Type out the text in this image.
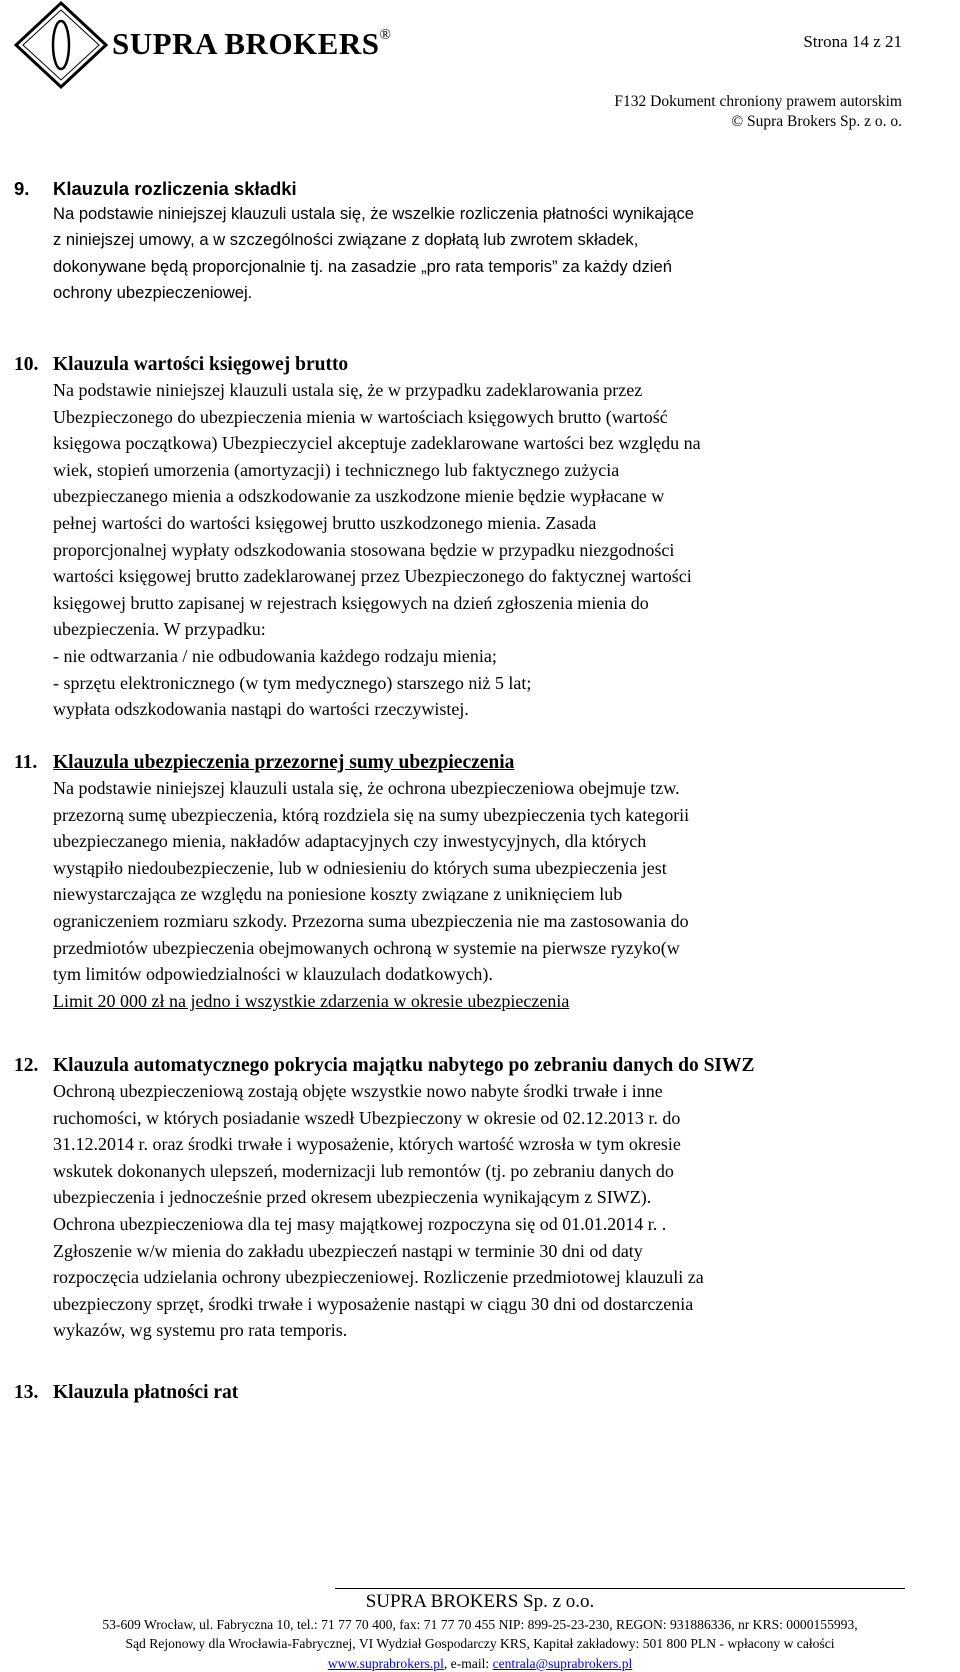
SUPRA BROKERS®	Strona 14 z 21
F132 Dokument chroniony prawem autorskim
© Supra Brokers Sp. z o. o.
9. Klauzula rozliczenia składki
Na podstawie niniejszej klauzuli ustala się, że wszelkie rozliczenia płatności wynikające
z niniejszej umowy, a w szczególności związane z dopłatą lub zwrotem składek,
dokonywane będą proporcjonalnie tj. na zasadzie „pro rata temporis” za każdy dzień
ochrony ubezpieczeniowej.
10. Klauzula wartości księgowej brutto
Na podstawie niniejszej klauzuli ustala się, że w przypadku zadeklarowania przez
Ubezpieczonego do ubezpieczenia mienia w wartościach księgowych brutto (wartość
księgowa początkowa) Ubezpieczyciel akceptuje zadeklarowane wartości bez względu na
wiek, stopień umorzenia (amortyzacji) i technicznego lub faktycznego zużycia
ubezpieczanego mienia a odszkodowanie za uszkodzone mienie będzie wypłacane w
pełnej wartości do wartości księgowej brutto uszkodzonego mienia. Zasada
proporcjonalnej wypłaty odszkodowania stosowana będzie w przypadku niezgodności
wartości księgowej brutto zadeklarowanej przez Ubezpieczonego do faktycznej wartości
księgowej brutto zapisanej w rejestrach księgowych na dzień zgłoszenia mienia do
ubezpieczenia. W przypadku:
- nie odtwarzania / nie odbudowania każdego rodzaju mienia;
- sprzętu elektronicznego (w tym medycznego) starszego niż 5 lat;
wypłata odszkodowania nastąpi do wartości rzeczywistej.
11. Klauzula ubezpieczenia przezornej sumy ubezpieczenia
Na podstawie niniejszej klauzuli ustala się, że ochrona ubezpieczeniowa obejmuje tzw.
przezorną sumę ubezpieczenia, którą rozdziela się na sumy ubezpieczenia tych kategorii
ubezpieczanego mienia, nakładów adaptacyjnych czy inwestycyjnych, dla których
wystąpiło niedoubezpieczenie, lub w odniesieniu do których suma ubezpieczenia jest
niewystarczająca ze względu na poniesione koszty związane z uniknięciem lub
ograniczeniem rozmiaru szkody. Przezorna suma ubezpieczenia nie ma zastosowania do
przedmiotów ubezpieczenia obejmowanych ochroną w systemie na pierwsze ryzyko(w
tym limitów odpowiedzialności w klauzulach dodatkowych).
Limit 20 000 zł na jedno i wszystkie zdarzenia w okresie ubezpieczenia
12. Klauzula automatycznego pokrycia majątku nabytego po zebraniu danych do SIWZ
Ochroną ubezpieczeniową zostają objęte wszystkie nowo nabyte środki trwałe i inne
ruchomości, w których posiadanie wszedł Ubezpieczony w okresie od 02.12.2013 r. do
31.12.2014 r. oraz środki trwałe i wyposażenie, których wartość wzrosła w tym okresie
wskutek dokonanych ulepszeń, modernizacji lub remontów (tj. po zebraniu danych do
ubezpieczenia i jednocześnie przed okresem ubezpieczenia wynikającym z SIWZ).
Ochrona ubezpieczeniowa dla tej masy majątkowej rozpoczyna się od 01.01.2014 r. .
Zgłoszenie w/w mienia do zakładu ubezpieczeń nastąpi w terminie 30 dni od daty
rozpoczęcia udzielania ochrony ubezpieczeniowej. Rozliczenie przedmiotowej klauzuli za
ubezpieczony sprzęt, środki trwałe i wyposażenie nastąpi w ciągu 30 dni od dostarczenia
wykazów, wg systemu pro rata temporis.
13. Klauzula płatności rat
SUPRA BROKERS Sp. z o.o.
53-609 Wrocław, ul. Fabryczna 10, tel.: 71 77 70 400, fax: 71 77 70 455 NIP: 899-25-23-230, REGON: 931886336, nr KRS: 0000155993,
Sąd Rejonowy dla Wrocławia-Fabrycznej, VI Wydział Gospodarczy KRS, Kapitał zakładowy: 501 800 PLN - wpłacony w całości
www.suprabrokers.pl, e-mail: centrala@suprabrokers.pl
